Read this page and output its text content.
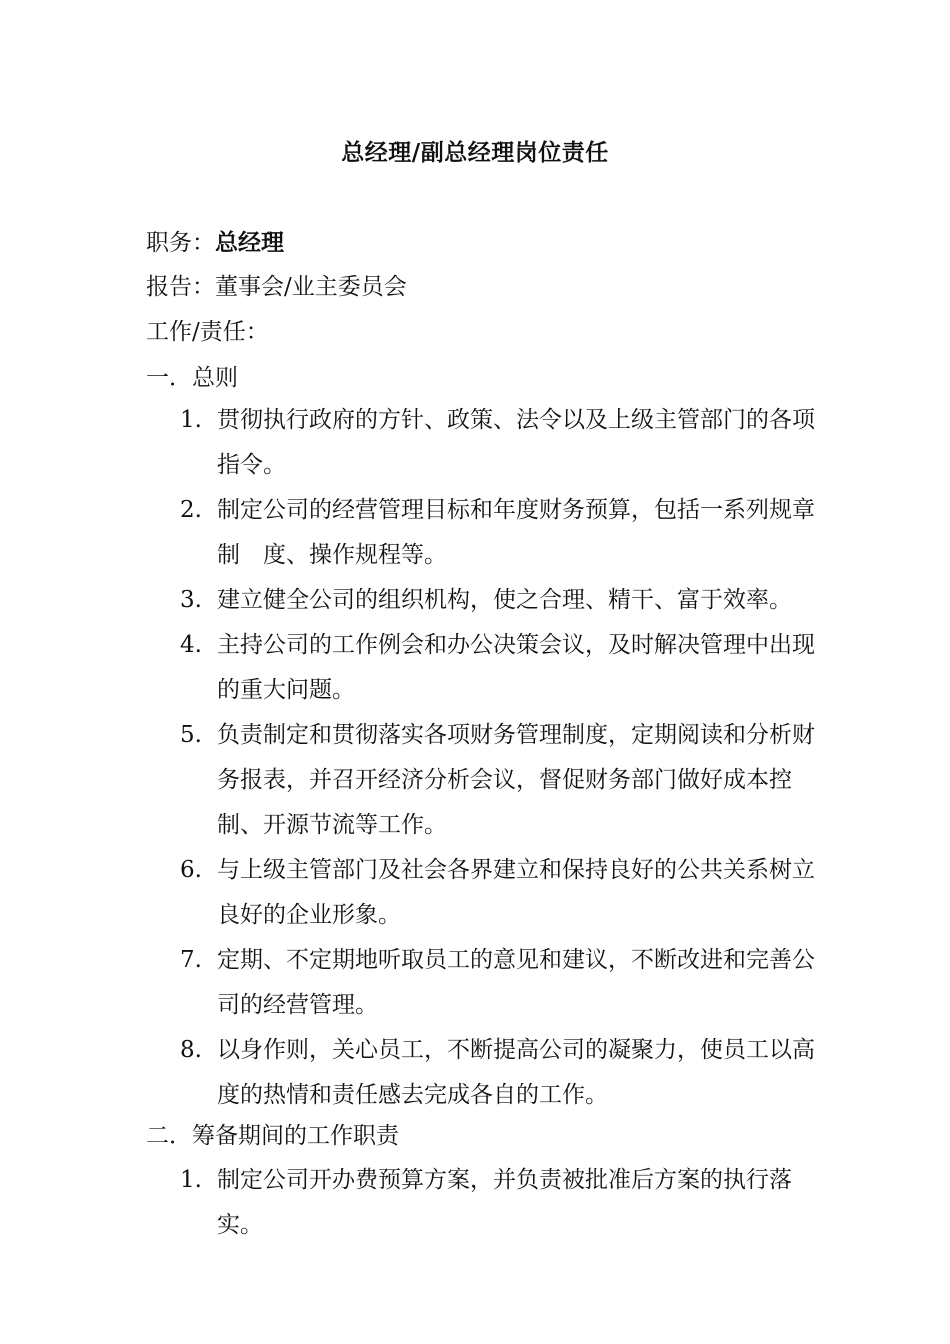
总经理/副总经理岗位责任
职务：总经理
报告：董事会/业主委员会
工作/责任：
一．总则
1. 贯彻执行政府的方针、政策、法令以及上级主管部门的各项指令。
2. 制定公司的经营管理目标和年度财务预算，包括一系列规章制　度、操作规程等。
3. 建立健全公司的组织机构，使之合理、精干、富于效率。
4. 主持公司的工作例会和办公决策会议，及时解决管理中出现的重大问题。
5. 负责制定和贯彻落实各项财务管理制度，定期阅读和分析财务报表，并召开经济分析会议，督促财务部门做好成本控制、开源节流等工作。
6. 与上级主管部门及社会各界建立和保持良好的公共关系树立良好的企业形象。
7. 定期、不定期地听取员工的意见和建议，不断改进和完善公司的经营管理。
8. 以身作则，关心员工，不断提高公司的凝聚力，使员工以高度的热情和责任感去完成各自的工作。
二．筹备期间的工作职责
1. 制定公司开办费预算方案，并负责被批准后方案的执行落实。
